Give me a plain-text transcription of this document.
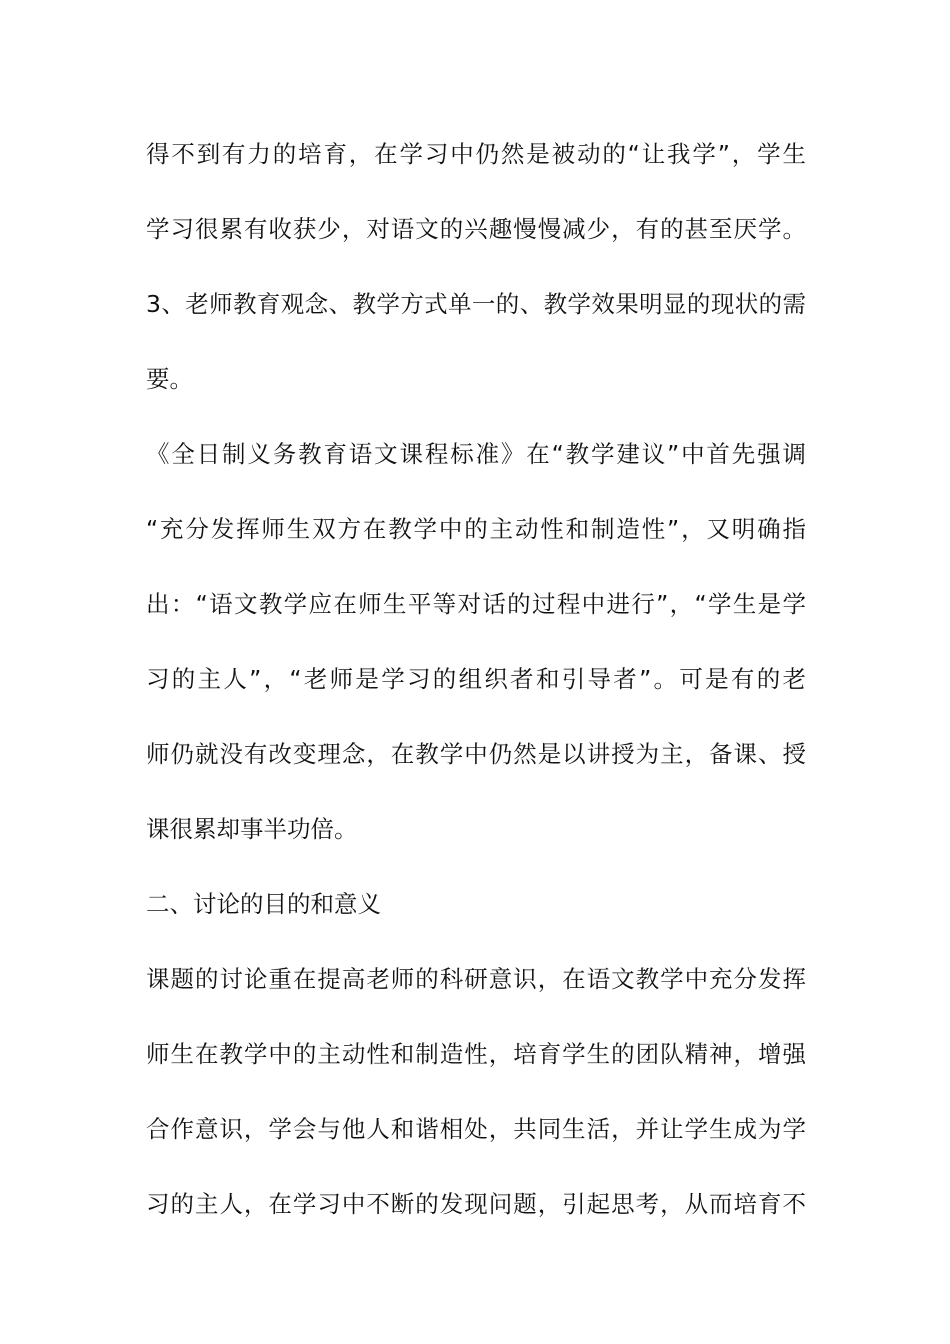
得不到有力的培育，在学习中仍然是被动的“让我学”，学生

学习很累有收获少，对语文的兴趣慢慢减少，有的甚至厌学。

3、老师教育观念、教学方式单一的、教学效果明显的现状的需

要。

《全日制义务教育语文课程标准》在“教学建议”中首先强调

“充分发挥师生双方在教学中的主动性和制造性”，又明确指

出：“语文教学应在师生平等对话的过程中进行”，“学生是学

习的主人”，“老师是学习的组织者和引导者”。可是有的老

师仍就没有改变理念，在教学中仍然是以讲授为主，备课、授

课很累却事半功倍。

二、讨论的目的和意义

课题的讨论重在提高老师的科研意识，在语文教学中充分发挥

师生在教学中的主动性和制造性，培育学生的团队精神，增强

合作意识，学会与他人和谐相处，共同生活，并让学生成为学

习的主人，在学习中不断的发现问题，引起思考，从而培育不
